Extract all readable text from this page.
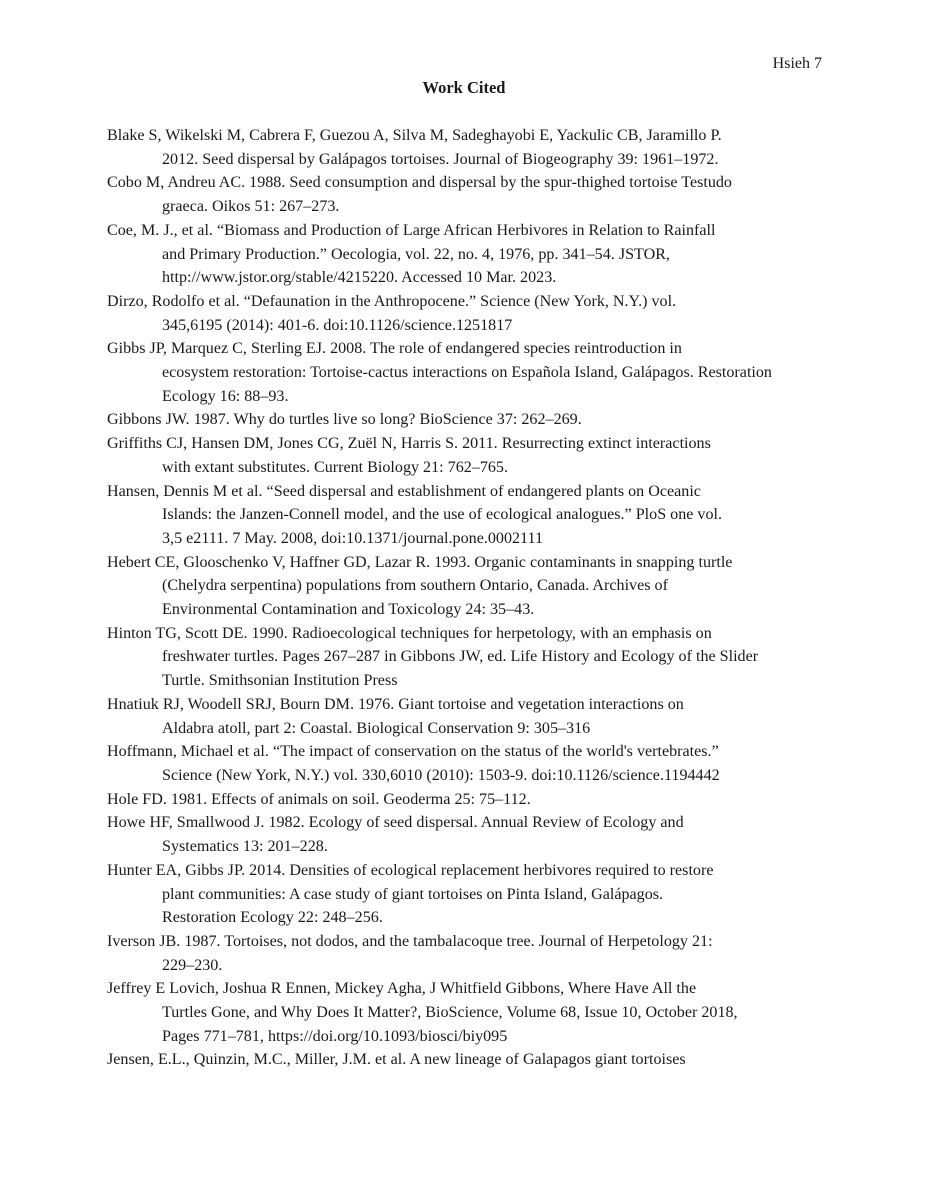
Hsieh 7
Work Cited
Blake S, Wikelski M, Cabrera F, Guezou A, Silva M, Sadeghayobi E, Yackulic CB, Jaramillo P.
2012. Seed dispersal by Galápagos tortoises. Journal of Biogeography 39: 1961–1972.
Cobo M, Andreu AC. 1988. Seed consumption and dispersal by the spur-thighed tortoise Testudo
graeca. Oikos 51: 267–273.
Coe, M. J., et al. “Biomass and Production of Large African Herbivores in Relation to Rainfall
and Primary Production.” Oecologia, vol. 22, no. 4, 1976, pp. 341–54. JSTOR,
http://www.jstor.org/stable/4215220. Accessed 10 Mar. 2023.
Dirzo, Rodolfo et al. “Defaunation in the Anthropocene.” Science (New York, N.Y.) vol.
345,6195 (2014): 401-6. doi:10.1126/science.1251817
Gibbs JP, Marquez C, Sterling EJ. 2008. The role of endangered species reintroduction in
ecosystem restoration: Tortoise-cactus interactions on Española Island, Galápagos. Restoration
Ecology 16: 88–93.
Gibbons JW. 1987. Why do turtles live so long? BioScience 37: 262–269.
Griffiths CJ, Hansen DM, Jones CG, Zuël N, Harris S. 2011. Resurrecting extinct interactions
with extant substitutes. Current Biology 21: 762–765.
Hansen, Dennis M et al. “Seed dispersal and establishment of endangered plants on Oceanic
Islands: the Janzen-Connell model, and the use of ecological analogues.” PloS one vol.
3,5 e2111. 7 May. 2008, doi:10.1371/journal.pone.0002111
Hebert CE, Glooschenko V, Haffner GD, Lazar R. 1993. Organic contaminants in snapping turtle
(Chelydra serpentina) populations from southern Ontario, Canada. Archives of
Environmental Contamination and Toxicology 24: 35–43.
Hinton TG, Scott DE. 1990. Radioecological techniques for herpetology, with an emphasis on
freshwater turtles. Pages 267–287 in Gibbons JW, ed. Life History and Ecology of the Slider
Turtle. Smithsonian Institution Press
Hnatiuk RJ, Woodell SRJ, Bourn DM. 1976. Giant tortoise and vegetation interactions on
Aldabra atoll, part 2: Coastal. Biological Conservation 9: 305–316
Hoffmann, Michael et al. “The impact of conservation on the status of the world's vertebrates.”
Science (New York, N.Y.) vol. 330,6010 (2010): 1503-9. doi:10.1126/science.1194442
Hole FD. 1981. Effects of animals on soil. Geoderma 25: 75–112.
Howe HF, Smallwood J. 1982. Ecology of seed dispersal. Annual Review of Ecology and
Systematics 13: 201–228.
Hunter EA, Gibbs JP. 2014. Densities of ecological replacement herbivores required to restore
plant communities: A case study of giant tortoises on Pinta Island, Galápagos.
Restoration Ecology 22: 248–256.
Iverson JB. 1987. Tortoises, not dodos, and the tambalacoque tree. Journal of Herpetology 21:
229–230.
Jeffrey E Lovich, Joshua R Ennen, Mickey Agha, J Whitfield Gibbons, Where Have All the
Turtles Gone, and Why Does It Matter?, BioScience, Volume 68, Issue 10, October 2018,
Pages 771–781, https://doi.org/10.1093/biosci/biy095
Jensen, E.L., Quinzin, M.C., Miller, J.M. et al. A new lineage of Galapagos giant tortoises
